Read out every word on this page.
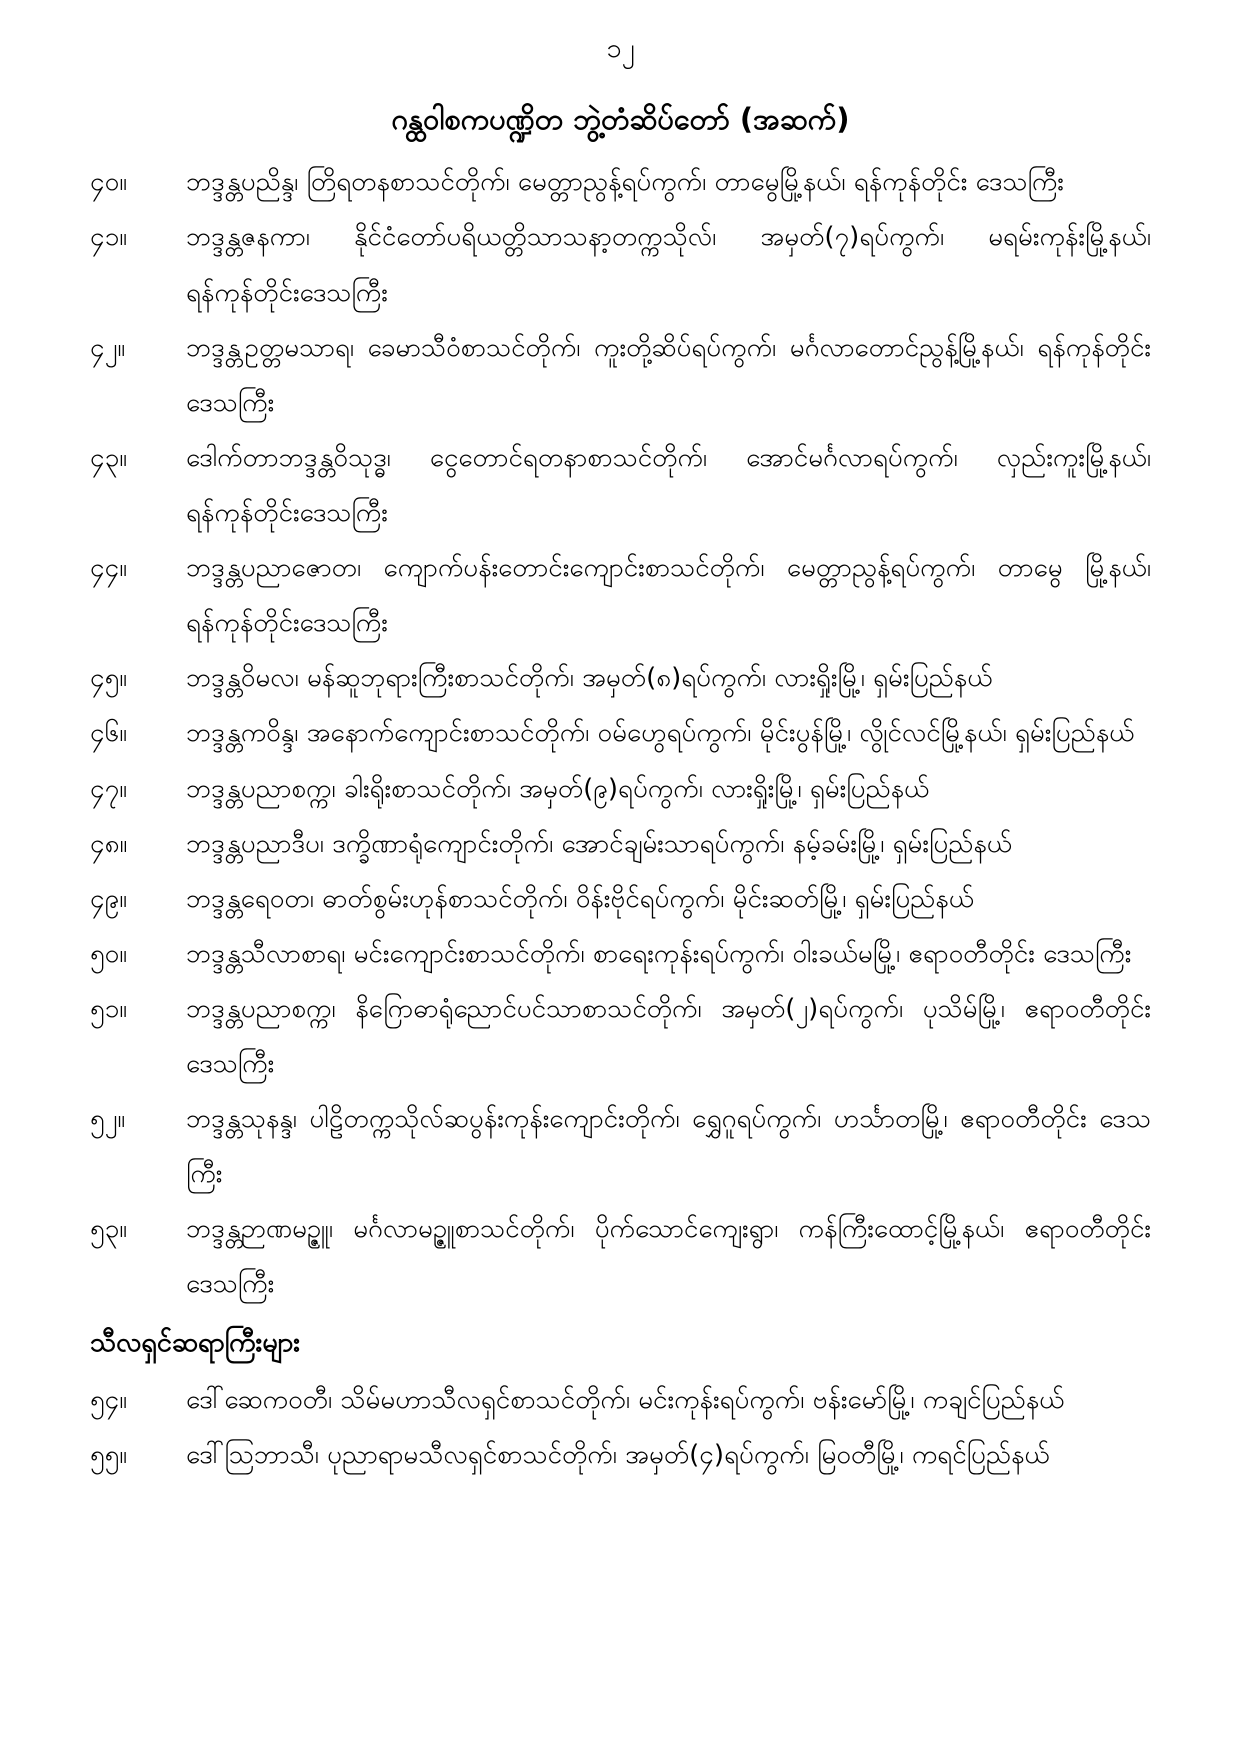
၁၂
ဂန္ထဝါစကပဏ္ဍိတ ဘွဲ့တံဆိပ်တော် (အဆက်)
၄၀။	ဘဒ္ဒန္တပညိန္ဒ၊ တြိရတနစာသင်တိုက်၊ မေတ္တာညွန့်ရပ်ကွက်၊ တာမွေမြို့နယ်၊ ရန်ကုန်တိုင်း ဒေသကြီး
၄၁။	ဘဒ္ဒန္တဇနကာ၊ နိုင်ငံတော်ပရိယတ္တိသာသနာ့တက္ကသိုလ်၊ အမှတ်(၇)ရပ်ကွက်၊ မရမ်းကုန်းမြို့နယ်၊ ရန်ကုန်တိုင်းဒေသကြီး
၄၂။	ဘဒ္ဒန္တဥတ္တမသာရ၊ ခေမာသီဝံစာသင်တိုက်၊ ကူးတို့ဆိပ်ရပ်ကွက်၊ မင်္ဂလာတောင်ညွန့်မြို့နယ်၊ ရန်ကုန်တိုင်းဒေသကြီး
၄၃။	ဒေါက်တာဘဒ္ဒန္တဝိသုဒ္ဓ၊ ငွေတောင်ရတနာစာသင်တိုက်၊ အောင်မင်္ဂလာရပ်ကွက်၊ လှည်းကူးမြို့နယ်၊ ရန်ကုန်တိုင်းဒေသကြီး
၄၄။	ဘဒ္ဒန္တပညာဇောတ၊ ကျောက်ပန်းတောင်းကျောင်းစာသင်တိုက်၊ မေတ္တာညွန့်ရပ်ကွက်၊ တာမွေ မြို့နယ်၊ ရန်ကုန်တိုင်းဒေသကြီး
၄၅။	ဘဒ္ဒန္တဝိမလ၊ မန်ဆူဘုရားကြီးစာသင်တိုက်၊ အမှတ်(၈)ရပ်ကွက်၊ လားရှိုးမြို့၊ ရှမ်းပြည်နယ်
၄၆။	ဘဒ္ဒန္တကဝိန္ဒ၊ အနောက်ကျောင်းစာသင်တိုက်၊ ဝမ်ဟွေရပ်ကွက်၊ မိုင်းပွန်မြို့၊ လွိုင်လင်မြို့နယ်၊ ရှမ်းပြည်နယ်
၄၇။	ဘဒ္ဒန္တပညာစက္က၊ ခါးရိုးစာသင်တိုက်၊ အမှတ်(၉)ရပ်ကွက်၊ လားရှိုးမြို့၊ ရှမ်းပြည်နယ်
၄၈။	ဘဒ္ဒန္တပညာဒီပ၊ ဒက္ခိဏာရုံကျောင်းတိုက်၊ အောင်ချမ်းသာရပ်ကွက်၊ နမ့်ခမ်းမြို့၊ ရှမ်းပြည်နယ်
၄၉။	ဘဒ္ဒန္တရေဝတ၊ ဓာတ်စွမ်းဟုန်စာသင်တိုက်၊ ဝိန်းဗိုင်ရပ်ကွက်၊ မိုင်းဆတ်မြို့၊ ရှမ်းပြည်နယ်
၅၀။	ဘဒ္ဒန္တသီလာစာရ၊ မင်းကျောင်းစာသင်တိုက်၊ စာရေးကုန်းရပ်ကွက်၊ ဝါးခယ်မမြို့၊ ဧရာဝတီတိုင်း ဒေသကြီး
၅၁။	ဘဒ္ဒန္တပညာစက္က၊ နိဂြောဓာရုံညောင်ပင်သာစာသင်တိုက်၊ အမှတ်(၂)ရပ်ကွက်၊ ပုသိမ်မြို့၊ ဧရာဝတီတိုင်းဒေသကြီး
၅၂။	ဘဒ္ဒန္တသုနန္ဒ၊ ပါဠိတက္ကသိုလ်ဆပွန်းကုန်းကျောင်းတိုက်၊ ရွှေဂူရပ်ကွက်၊ ဟင်္သာတမြို့၊ ဧရာဝတီတိုင်း ဒေသကြီး
၅၃။	ဘဒ္ဒန္တဉာဏမဥ္ဇူ၊ မင်္ဂလာမဥ္ဇူစာသင်တိုက်၊ ပိုက်သောင်ကျေးရွာ၊ ကန်ကြီးထောင့်မြို့နယ်၊ ဧရာဝတီတိုင်းဒေသကြီး
သီလရှင်ဆရာကြီးများ
၅၄။	ဒေါ်ဆေကဝတီ၊ သိမ်မဟာသီလရှင်စာသင်တိုက်၊ မင်းကုန်းရပ်ကွက်၊ ဗန်းမော်မြို့၊ ကချင်ပြည်နယ်
၅၅။	ဒေါ်သြဘာသီ၊ ပုညာရာမသီလရှင်စာသင်တိုက်၊ အမှတ်(၄)ရပ်ကွက်၊ မြဝတီမြို့၊ ကရင်ပြည်နယ်
